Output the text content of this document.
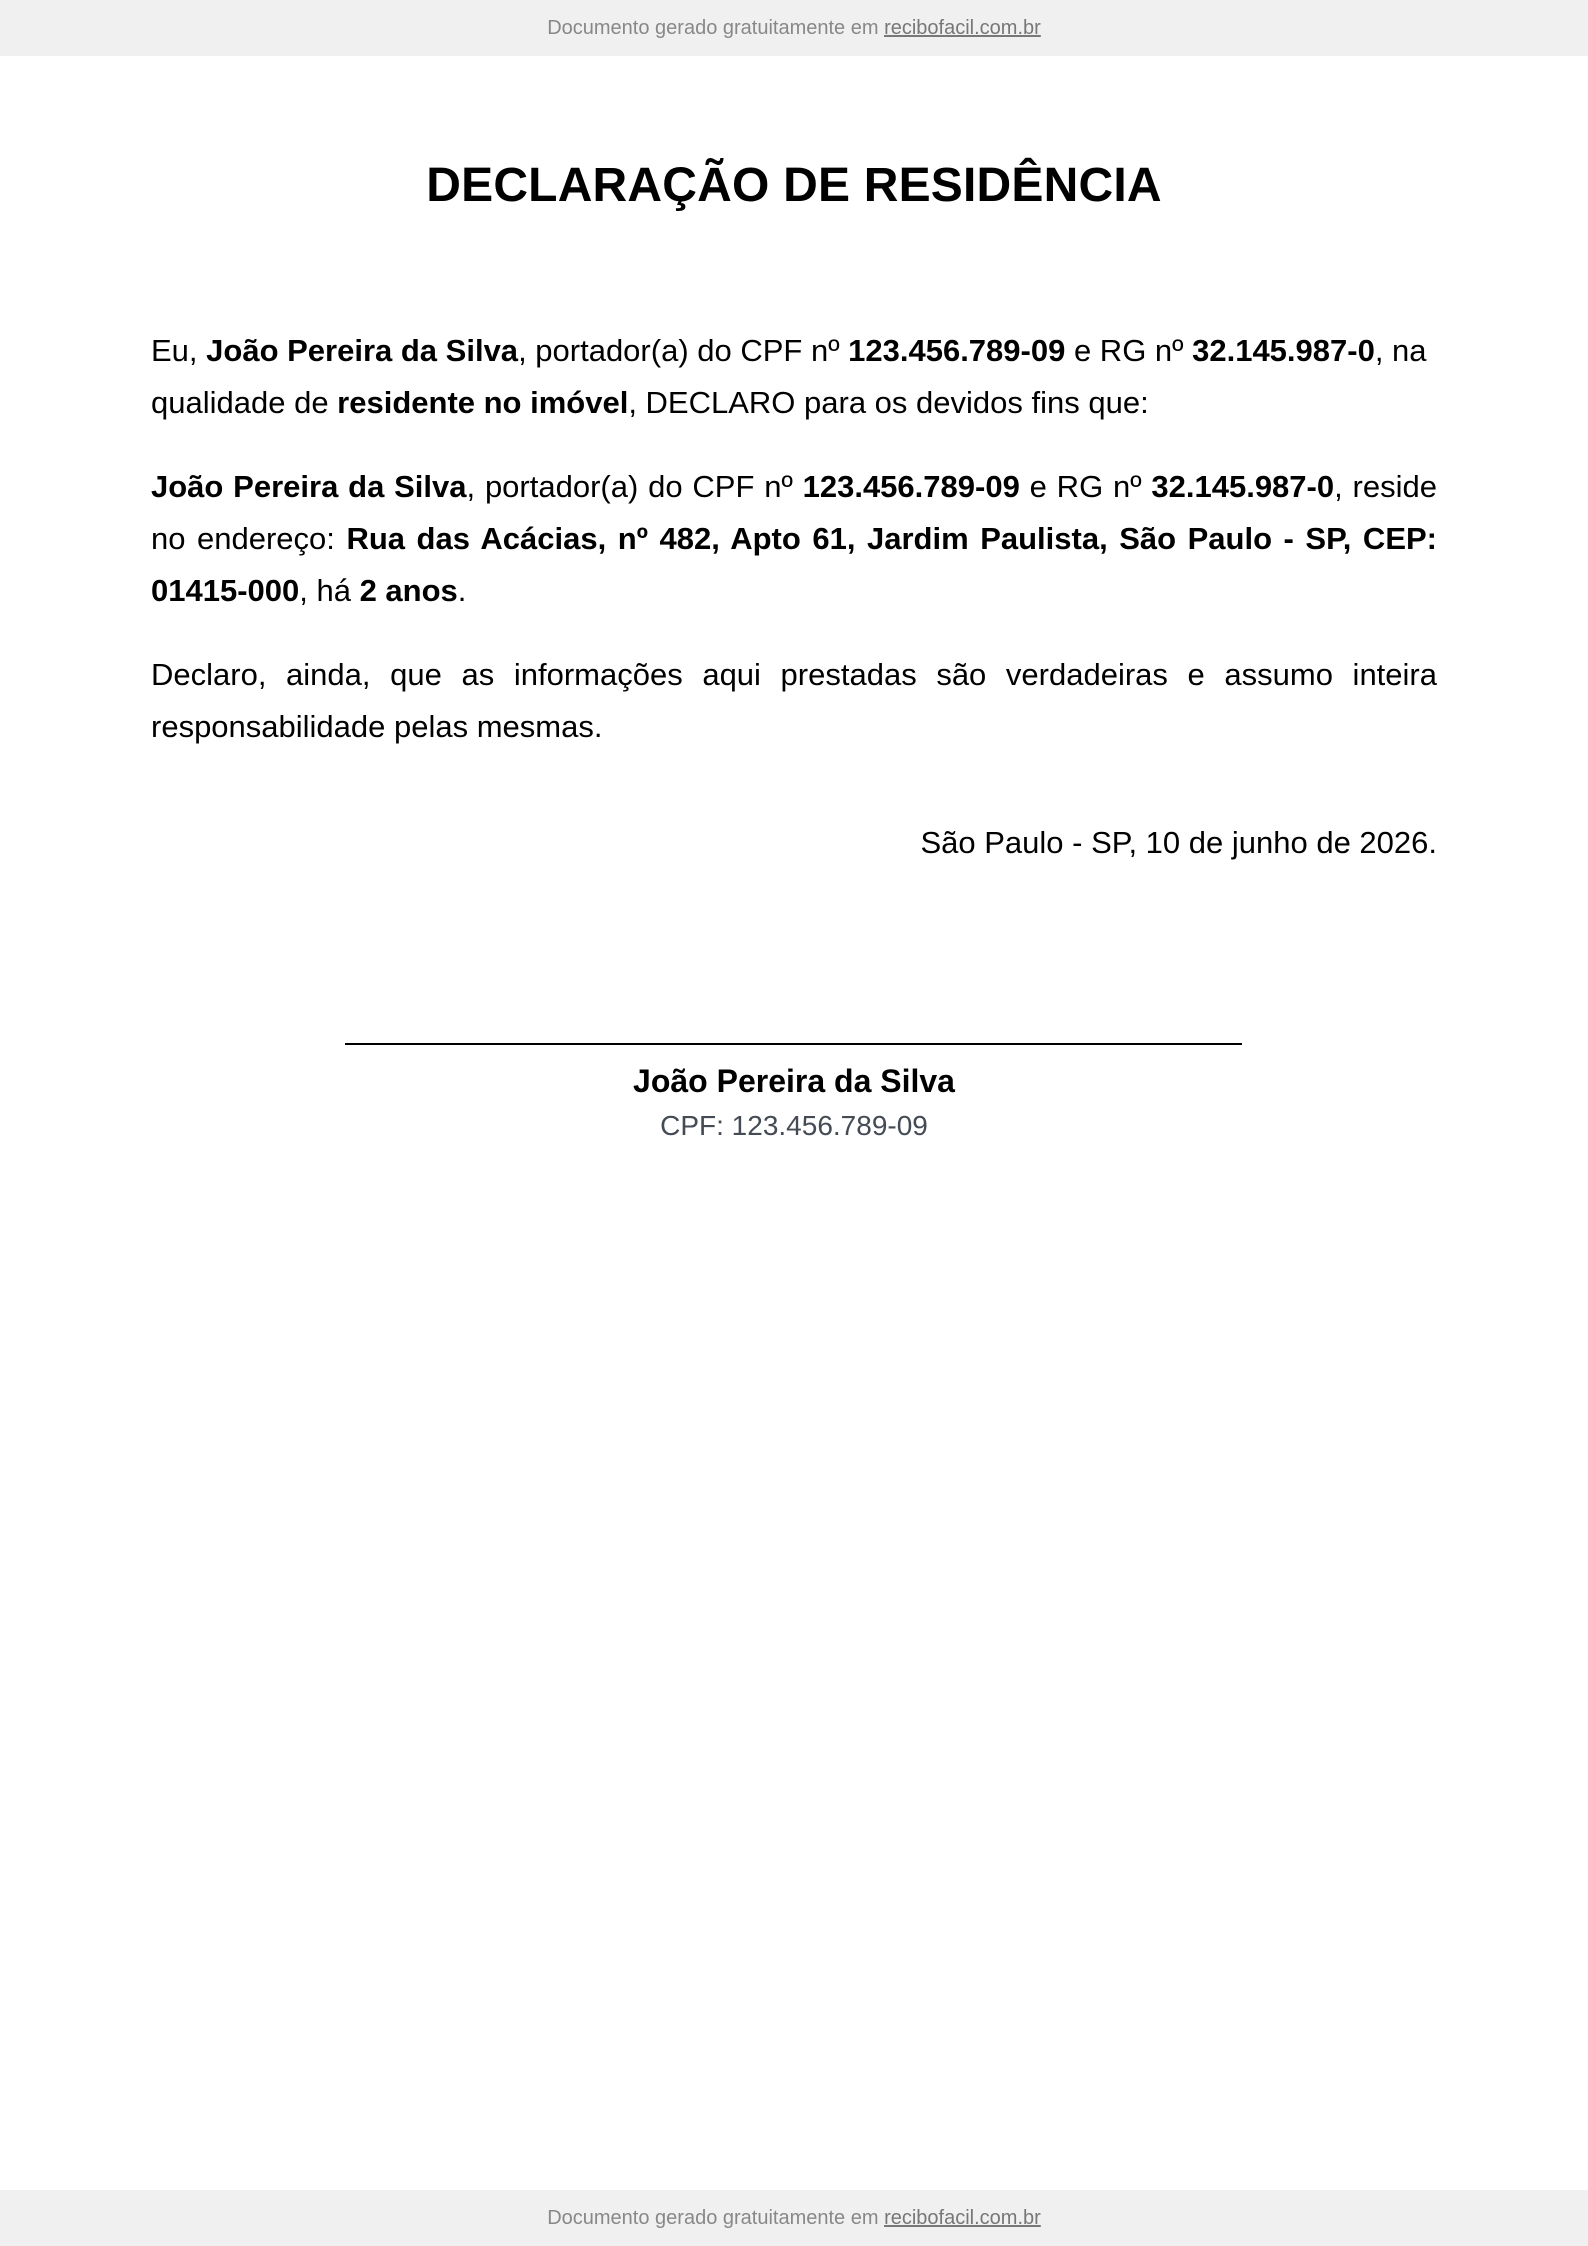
Documento gerado gratuitamente em recibofacil.com.br
DECLARAÇÃO DE RESIDÊNCIA

Eu, João Pereira da Silva, portador(a) do CPF nº 123.456.789-09 e RG nº 32.145.987-0, na qualidade de residente no imóvel, DECLARO para os devidos fins que:

João Pereira da Silva, portador(a) do CPF nº 123.456.789-09 e RG nº 32.145.987-0, reside no endereço: Rua das Acácias, nº 482, Apto 61, Jardim Paulista, São Paulo - SP, CEP: 01415-000, há 2 anos.

Declaro, ainda, que as informações aqui prestadas são verdadeiras e assumo inteira responsabilidade pelas mesmas.

São Paulo - SP, 10 de junho de 2026.
João Pereira da Silva
CPF: 123.456.789-09
Documento gerado gratuitamente em recibofacil.com.br
